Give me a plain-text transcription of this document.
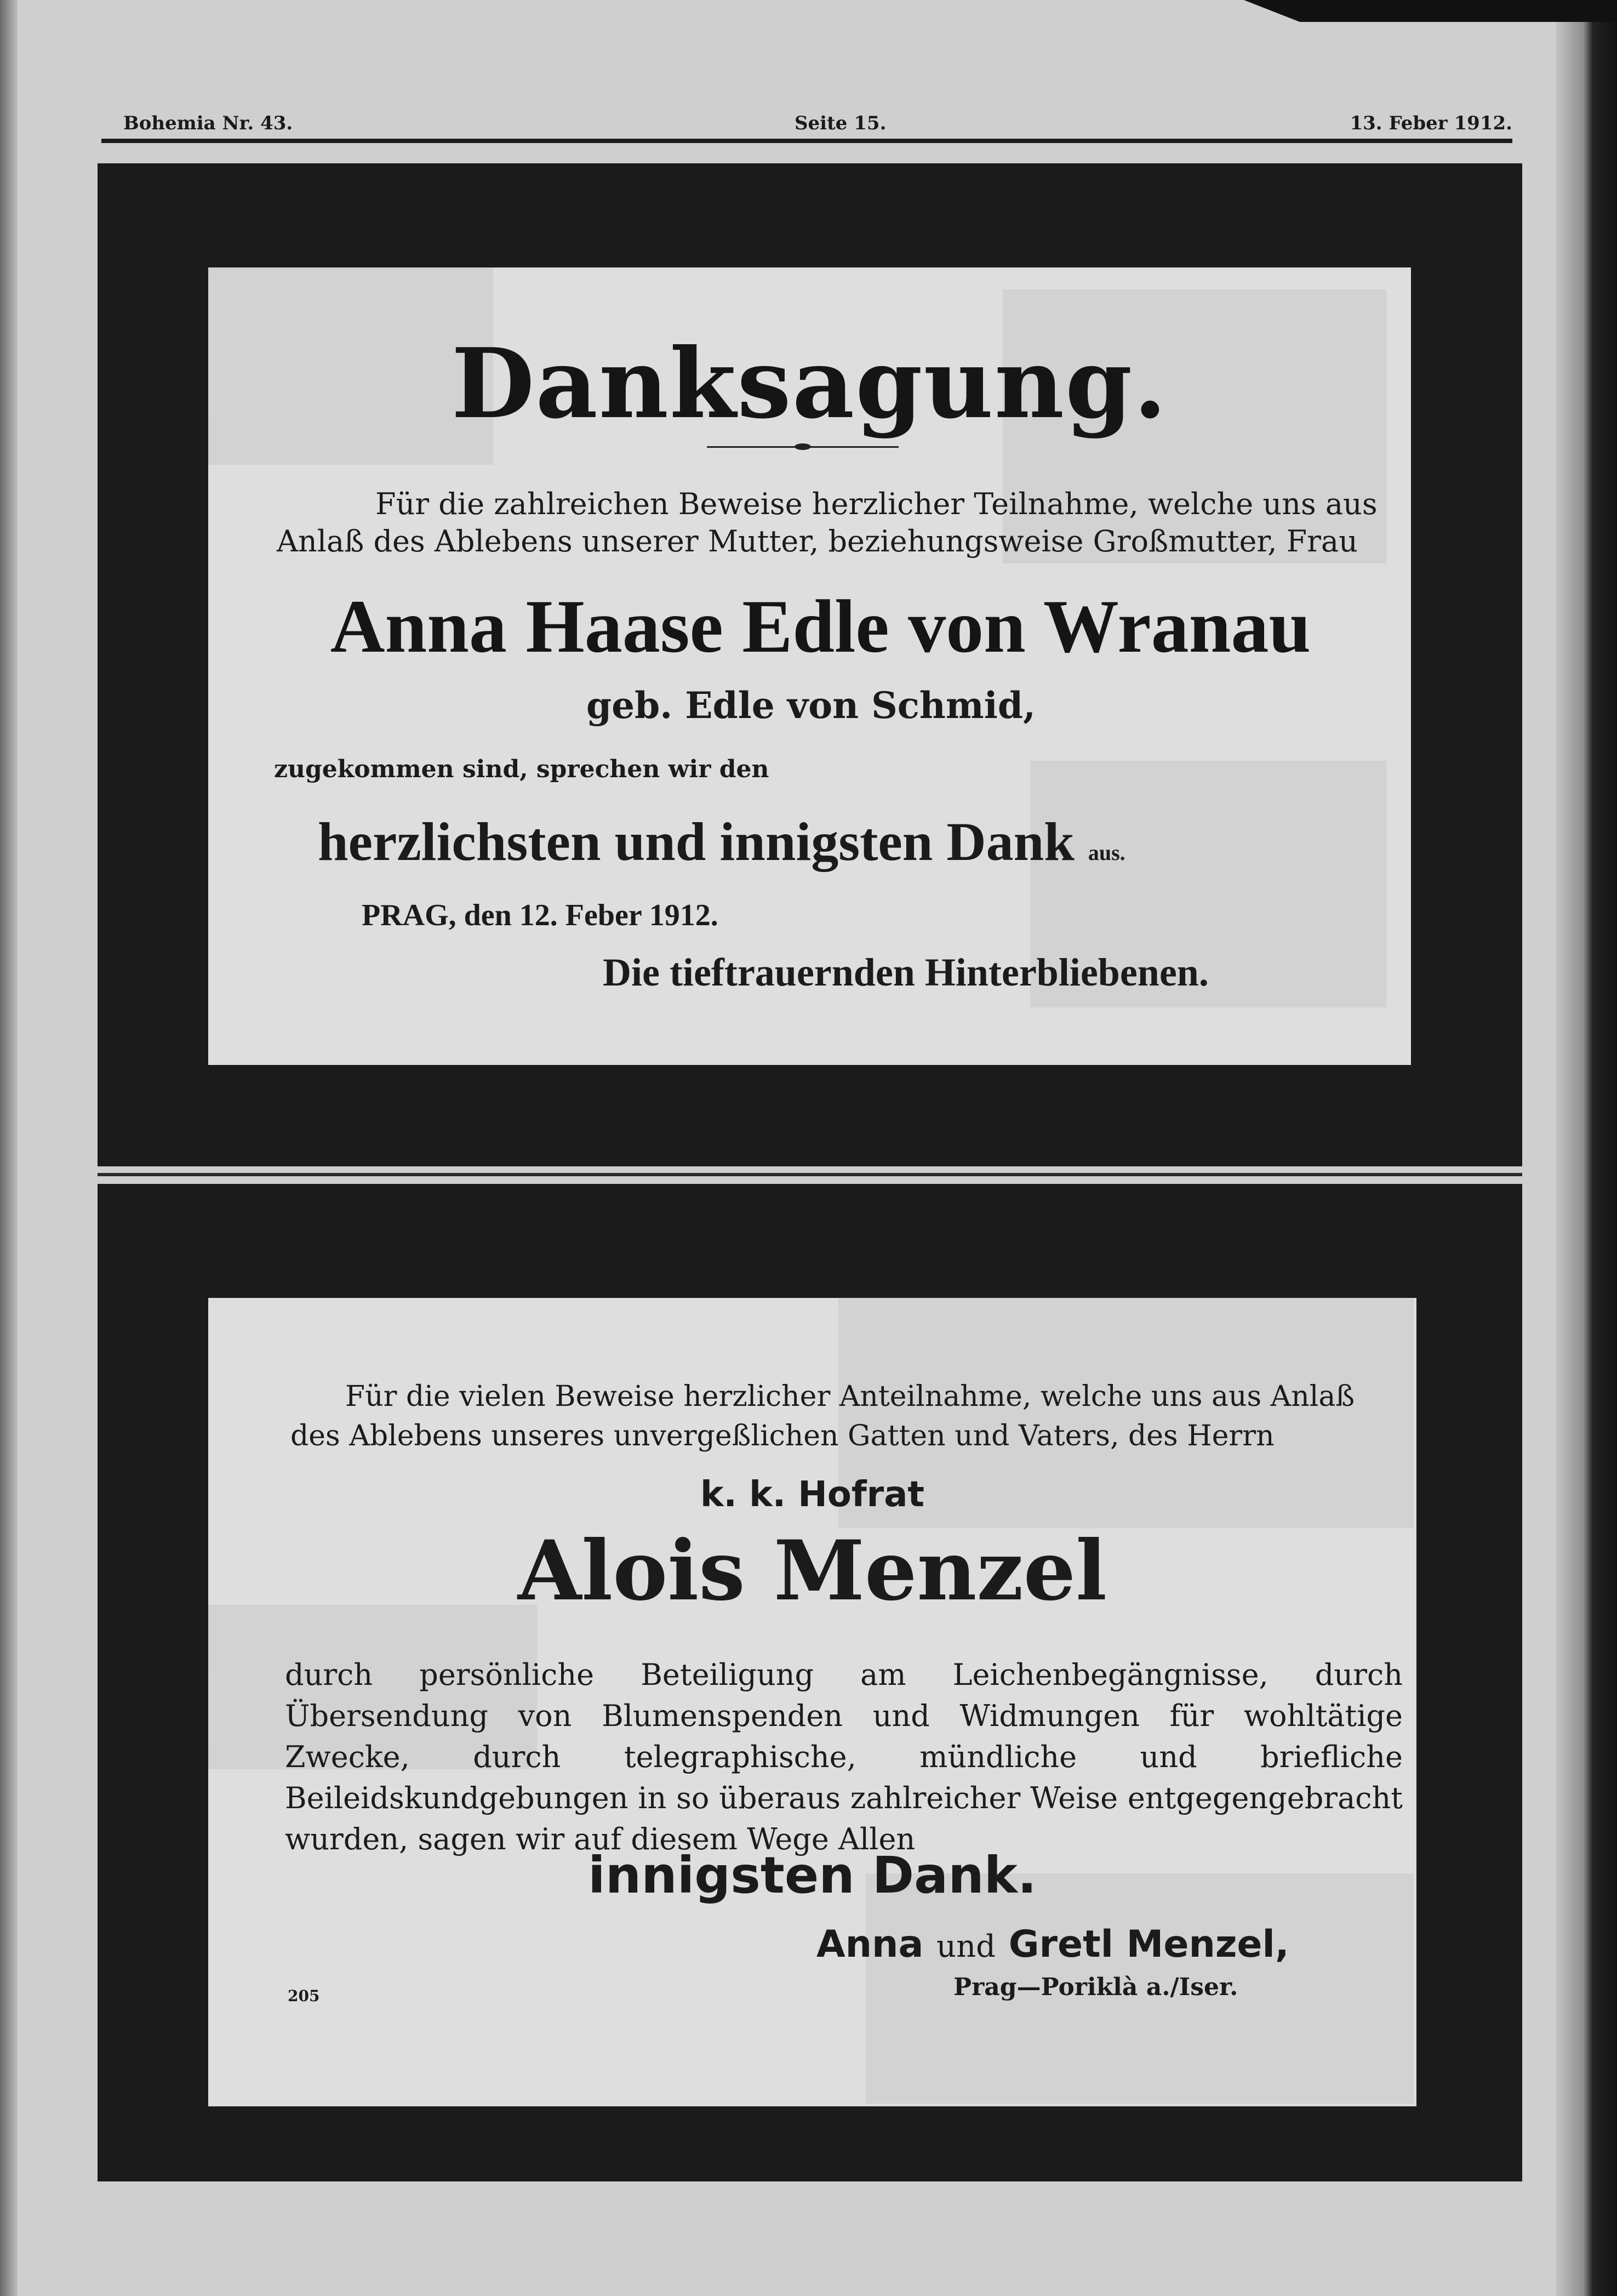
Bohemia Nr. 43.	Seite 15.	13. Feber 1912.
Danksagung.
Für die zahlreichen Beweise herzlicher Teilnahme, welche uns aus
Anlaß des Ablebens unserer Mutter, beziehungsweise Großmutter, Frau
Anna Haase Edle von Wranau
geb. Edle von Schmid,
zugekommen sind, sprechen wir den
herzlichsten und innigsten Dank aus.
PRAG, den 12. Feber 1912.
Die tieftrauernden Hinterbliebenen.
Für die vielen Beweise herzlicher Anteilnahme, welche uns aus Anlaß
des Ablebens unseres unvergeßlichen Gatten und Vaters, des Herrn
k. k. Hofrat
Alois Menzel
durch persönliche Beteiligung am Leichenbegängnisse, durch Übersendung von Blumenspenden und Widmungen für wohltätige Zwecke, durch telegraphische, mündliche und briefliche Beileidskundgebungen in so überaus zahlreicher Weise entgegengebracht wurden, sagen wir auf diesem Wege Allen
innigsten Dank.
Anna und Gretl Menzel,
Prag—Poriklà a./Iser.
205
